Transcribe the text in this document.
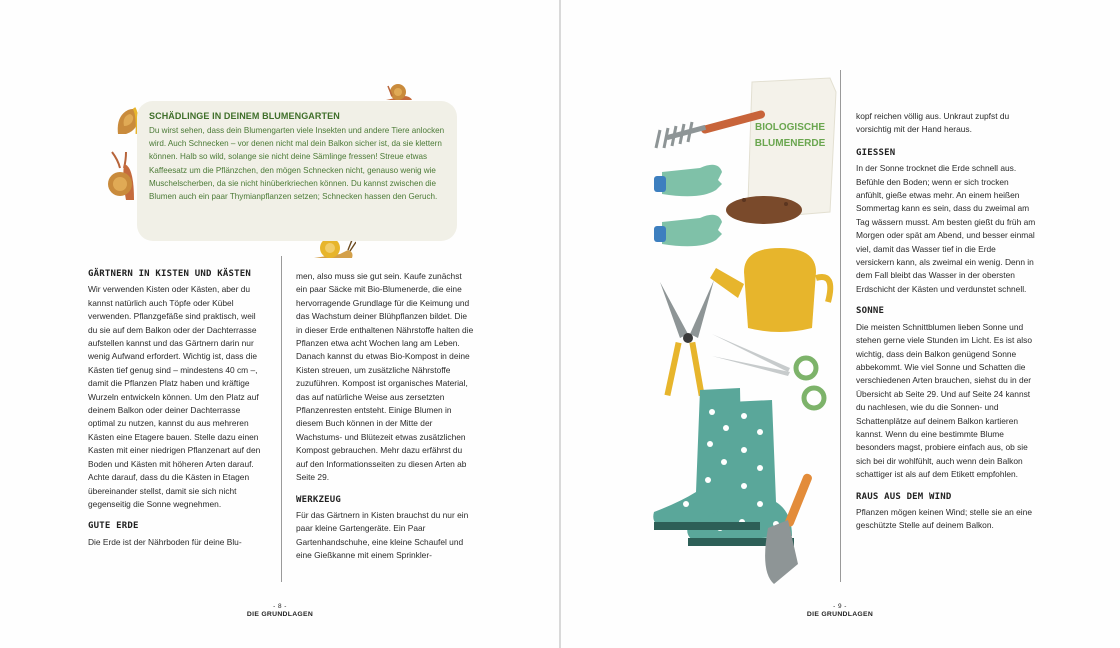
SCHÄDLINGE IN DEINEM BLUMENGARTEN
Du wirst sehen, dass dein Blumengarten viele Insekten und andere Tiere anlocken wird. Auch Schnecken – vor denen nicht mal dein Balkon sicher ist, da sie klettern können. Halb so wild, solange sie nicht deine Sämlinge fressen! Streue etwas Kaffeesatz um die Pflänzchen, den mögen Schnecken nicht, genauso wenig wie Muschelscherben, da sie nicht hinüberkriechen können. Du kannst zwischen die Blumen auch ein paar Thymianpflanzen setzen; Schnecken hassen den Geruch.
GÄRTNERN IN KISTEN UND KÄSTEN

Wir verwenden Kisten oder Kästen, aber du kannst natürlich auch Töpfe oder Kübel verwenden. Pflanzgefäße sind praktisch, weil du sie auf dem Balkon oder der Dachterrasse aufstellen kannst und das Gärtnern darin nur wenig Aufwand erfordert. Wichtig ist, dass die Kästen tief genug sind – mindestens 40 cm –, damit die Pflanzen Platz haben und kräftige Wurzeln entwickeln können. Um den Platz auf deinem Balkon oder deiner Dachterrasse optimal zu nutzen, kannst du aus mehreren Kästen eine Etagere bauen. Stelle dazu einen Kasten mit einer niedrigen Pflanzenart auf den Boden und Kästen mit höheren Arten darauf. Achte darauf, dass du die Kästen in Etagen übereinander stellst, damit sie sich nicht gegenseitig die Sonne wegnehmen.

GUTE ERDE

Die Erde ist der Nährboden für deine Blu-

men, also muss sie gut sein. Kaufe zunächst ein paar Säcke mit Bio-Blumenerde, die eine hervorragende Grundlage für die Keimung und das Wachstum deiner Blühpflanzen bildet. Die in dieser Erde enthaltenen Nährstoffe halten die Pflanzen etwa acht Wochen lang am Leben. Danach kannst du etwas Bio-Kompost in deine Kisten streuen, um zusätzliche Nährstoffe zuzuführen. Kompost ist organisches Material, das auf natürliche Weise aus zersetzten Pflanzenresten entsteht. Einige Blumen in diesem Buch können in der Mitte der Wachstums- und Blütezeit etwas zusätzlichen Kompost gebrauchen. Mehr dazu erfährst du auf den Informationsseiten zu diesen Arten ab Seite 29.

WERKZEUG

Für das Gärtnern in Kisten brauchst du nur ein paar kleine Gartengeräte. Ein Paar Gartenhandschuhe, eine kleine Schaufel und eine Gießkanne mit einem Sprinkler-

- 8 -
DIE GRUNDLAGEN
BIOLOGISCHE
BLUMENERDE

kopf reichen völlig aus. Unkraut zupfst du vorsichtig mit der Hand heraus.

GIESSEN

In der Sonne trocknet die Erde schnell aus. Befühle den Boden; wenn er sich trocken anfühlt, gieße etwas mehr. An einem heißen Sommertag kann es sein, dass du zweimal am Tag wässern musst. Am besten gießt du früh am Morgen oder spät am Abend, und besser einmal viel, damit das Wasser tief in die Erde versickern kann, als zweimal ein wenig. Denn in dem Fall bleibt das Wasser in der obersten Erdschicht der Kästen und verdunstet schnell.

SONNE

Die meisten Schnittblumen lieben Sonne und stehen gerne viele Stunden im Licht. Es ist also wichtig, dass dein Balkon genügend Sonne abbekommt. Wie viel Sonne und Schatten die verschiedenen Arten brauchen, siehst du in der Übersicht ab Seite 29. Und auf Seite 24 kannst du nachlesen, wie du die Sonnen- und Schattenplätze auf deinem Balkon kartieren kannst. Wenn du eine bestimmte Blume besonders magst, probiere einfach aus, ob sie sich bei dir wohlfühlt, auch wenn dein Balkon schattiger ist als auf dem Etikett empfohlen.

RAUS AUS DEM WIND

Pflanzen mögen keinen Wind; stelle sie an eine geschützte Stelle auf deinem Balkon.

- 9 -
DIE GRUNDLAGEN
